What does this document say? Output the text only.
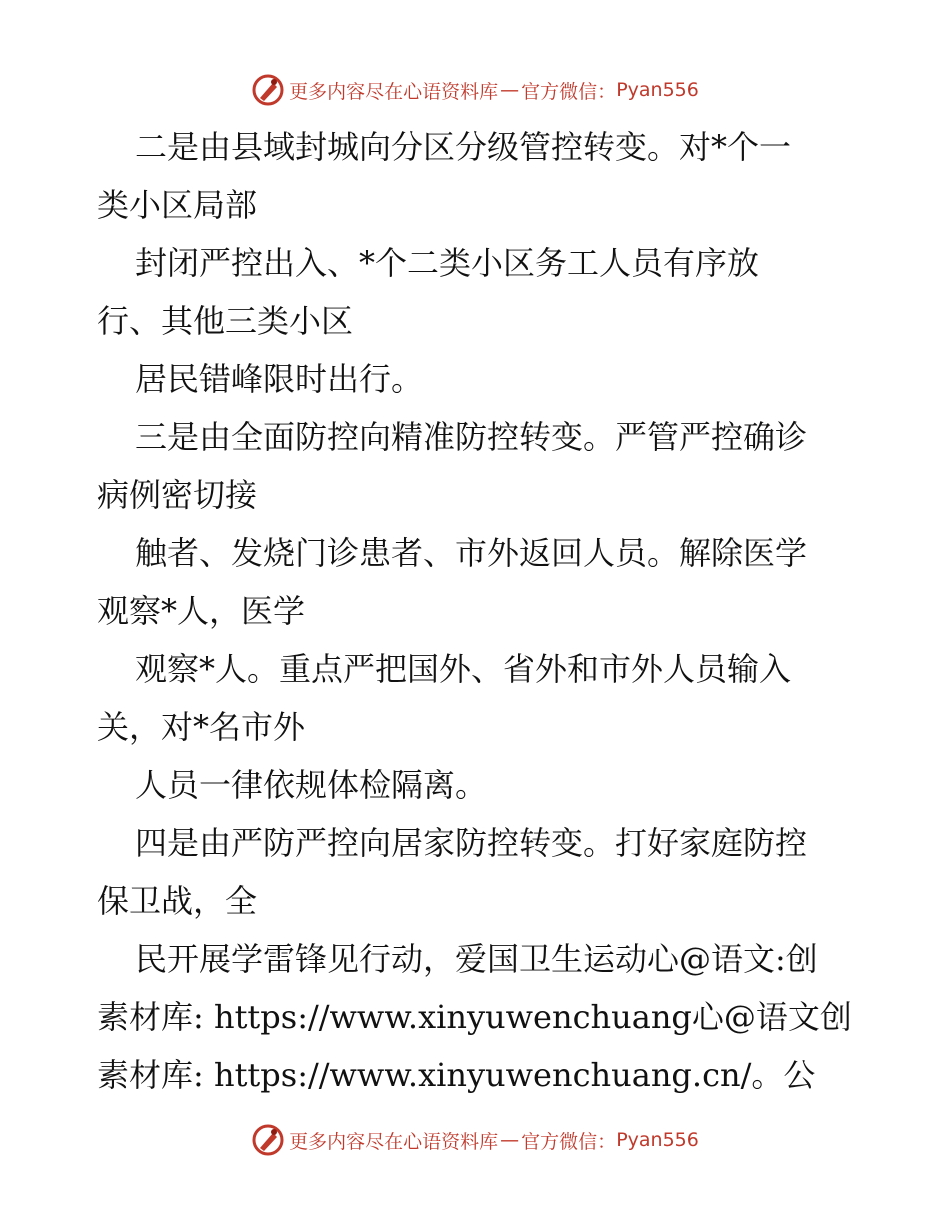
更多内容尽在心语资料库 — 官方微信： Pyan556
二是由县域封城向分区分级管控转变。对*个一
类小区局部
封闭严控出入、*个二类小区务工人员有序放
行、其他三类小区
居民错峰限时出行。
三是由全面防控向精准防控转变。严管严控确诊
病例密切接
触者、发烧门诊患者、市外返回人员。解除医学
观察*人，医学
观察*人。重点严把国外、省外和市外人员输入
关，对*名市外
人员一律依规体检隔离。
四是由严防严控向居家防控转变。打好家庭防控
保卫战，全
民开展学雷锋见行动，爱国卫生运动心@语文:创
素材库: https://www.xinyuwenchuang心@语文创
素材库: https://www.xinyuwenchuang.cn/。公
更多内容尽在心语资料库 — 官方微信： Pyan556
